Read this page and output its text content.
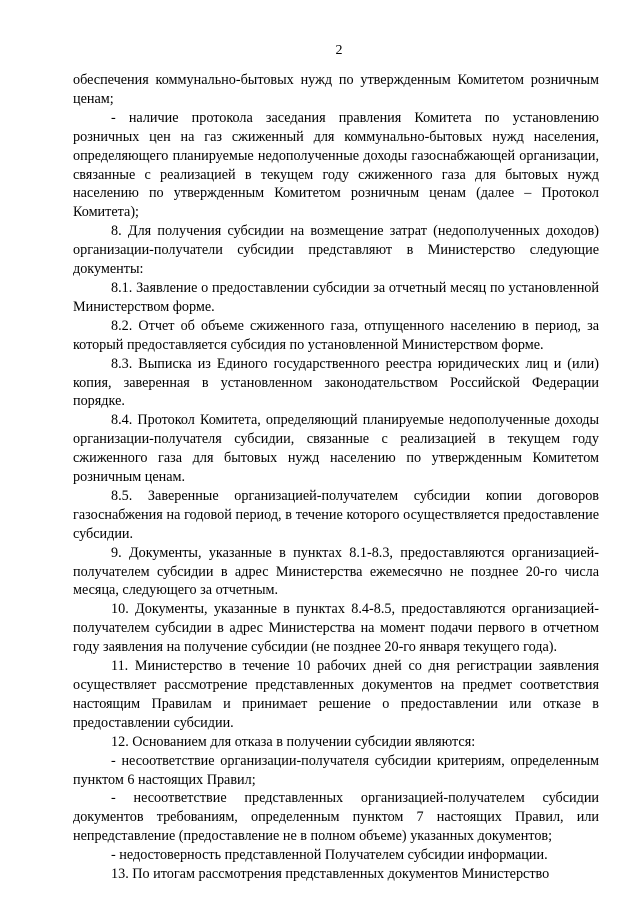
2

обеспечения коммунально-бытовых нужд по утвержденным Комитетом розничным ценам;

- наличие протокола заседания правления Комитета по установлению розничных цен на газ сжиженный для коммунально-бытовых нужд населения, определяющего планируемые недополученные доходы газоснабжающей организации, связанные с реализацией в текущем году сжиженного газа для бытовых нужд населению по утвержденным Комитетом розничным ценам (далее – Протокол Комитета);

8. Для получения субсидии на возмещение затрат (недополученных доходов) организации-получатели субсидии представляют в Министерство следующие документы:

8.1. Заявление о предоставлении субсидии за отчетный месяц по установленной Министерством форме.

8.2. Отчет об объеме сжиженного газа, отпущенного населению в период, за который предоставляется субсидия по установленной Министерством форме.

8.3. Выписка из Единого государственного реестра юридических лиц и (или) копия, заверенная в установленном законодательством Российской Федерации порядке.

8.4. Протокол Комитета, определяющий планируемые недополученные доходы организации-получателя субсидии, связанные с реализацией в текущем году сжиженного газа для бытовых нужд населению по утвержденным Комитетом розничным ценам.

8.5. Заверенные организацией-получателем субсидии копии договоров газоснабжения на годовой период, в течение которого осуществляется предоставление субсидии.

9. Документы, указанные в пунктах 8.1-8.3, предоставляются организацией-получателем субсидии в адрес Министерства ежемесячно не позднее 20-го числа месяца, следующего за отчетным.

10. Документы, указанные в пунктах 8.4-8.5, предоставляются организацией-получателем субсидии в адрес Министерства на момент подачи первого в отчетном году заявления на получение субсидии (не позднее 20-го января текущего года).

11. Министерство в течение 10 рабочих дней со дня регистрации заявления осуществляет рассмотрение представленных документов на предмет соответствия настоящим Правилам и принимает решение о предоставлении или отказе в предоставлении субсидии.

12. Основанием для отказа в получении субсидии являются:

- несоответствие организации-получателя субсидии критериям, определенным пунктом 6 настоящих Правил;

- несоответствие представленных организацией-получателем субсидии документов требованиям, определенным пунктом 7 настоящих Правил, или непредставление (предоставление не в полном объеме) указанных документов;

- недостоверность представленной Получателем субсидии информации.

13. По итогам рассмотрения представленных документов Министерство
